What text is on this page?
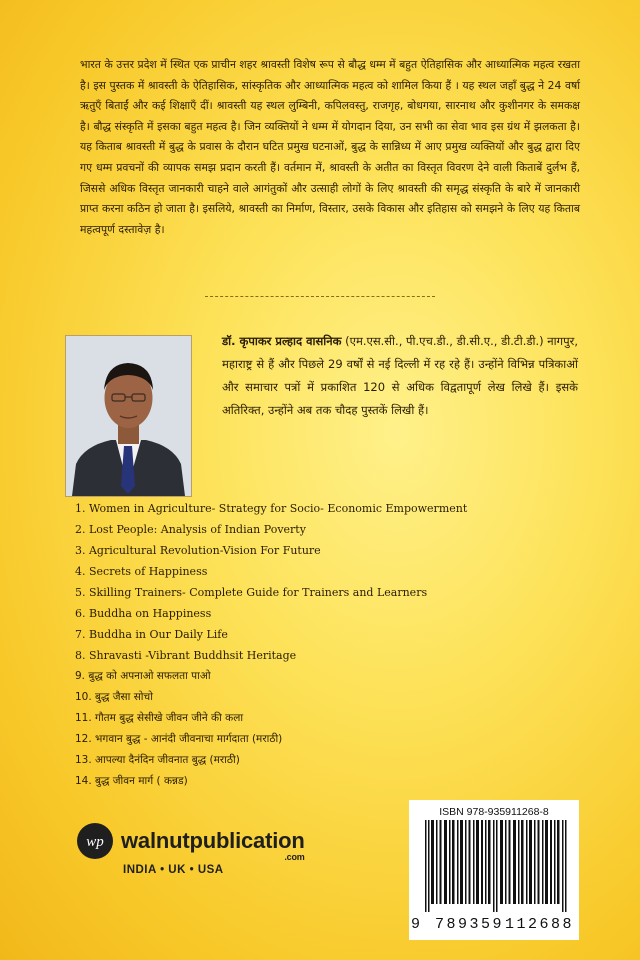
भारत के उत्तर प्रदेश में स्थित एक प्राचीन शहर श्रावस्ती विशेष रूप से बौद्ध धम्म में बहुत ऐतिहासिक और आध्यात्मिक महत्व रखता है। इस पुस्तक में श्रावस्ती के ऐतिहासिक, सांस्कृतिक और आध्यात्मिक महत्व को शामिल किया हैं । यह स्थल जहाँ बुद्ध ने 24 वर्षा ऋतुएँ बिताईं और कई शिक्षाएँ दीं। श्रावस्ती यह स्थल लुम्बिनी, कपिलवस्तु, राजगृह, बोधगया, सारनाथ और कुशीनगर के समकक्ष है। बौद्ध संस्कृति में इसका बहुत महत्व है। जिन व्यक्तियों ने धम्म में योगदान दिया, उन सभी का सेवा भाव इस ग्रंथ में झलकता है। यह किताब श्रावस्ती में बुद्ध के प्रवास के दौरान घटित प्रमुख घटनाओं, बुद्ध के सान्निध्य में आए प्रमुख व्यक्तियों और बुद्ध द्वारा दिए गए धम्म प्रवचनों की व्यापक समझ प्रदान करती हैं। वर्तमान में, श्रावस्ती के अतीत का विस्तृत विवरण देने वाली किताबें दुर्लभ हैं, जिससे अधिक विस्तृत जानकारी चाहने वाले आगंतुकों और उत्साही लोगों के लिए श्रावस्ती की समृद्ध संस्कृति के बारे में जानकारी प्राप्त करना कठिन हो जाता है। इसलिये, श्रावस्ती का निर्माण, विस्तार, उसके विकास और इतिहास को समझने के लिए यह किताब महत्वपूर्ण दस्तावेज़ है।

डॉ. कृपाकर प्रल्हाद वासनिक (एम.एस.सी., पी.एच.डी., डी.सी.ए., डी.टी.डी.) नागपुर, महाराष्ट्र से हैं और पिछले 29 वर्षों से नई दिल्ली में रह रहे हैं। उन्होंने विभिन्न पत्रिकाओं और समाचार पत्रों में प्रकाशित 120 से अधिक विद्वतापूर्ण लेख लिखे हैं। इसके अतिरिक्त, उन्होंने अब तक चौदह पुस्तकें लिखी हैं।

1. Women in Agriculture- Strategy for Socio- Economic Empowerment
2. Lost People: Analysis of Indian Poverty
3. Agricultural Revolution-Vision For Future
4. Secrets of Happiness
5. Skilling Trainers- Complete Guide for Trainers and Learners
6. Buddha on Happiness
7. Buddha in Our Daily Life
8. Shravasti -Vibrant Buddhsit Heritage
9. बुद्ध को अपनाओ सफलता पाओ
10. बुद्ध जैसा सोचो
11. गौतम बुद्ध सेसीखे जीवन जीने की कला
12. भगवान बुद्ध - आनंदी जीवनाचा मार्गदाता (मराठी)
13. आपल्या दैनंदिन जीवनात बुद्ध (मराठी)
14. बुद्ध जीवन मार्ग ( कन्नड)
wp walnutpublication
.com
INDIA • UK • USA
ISBN 978-935911268-8
9 789359 112688
